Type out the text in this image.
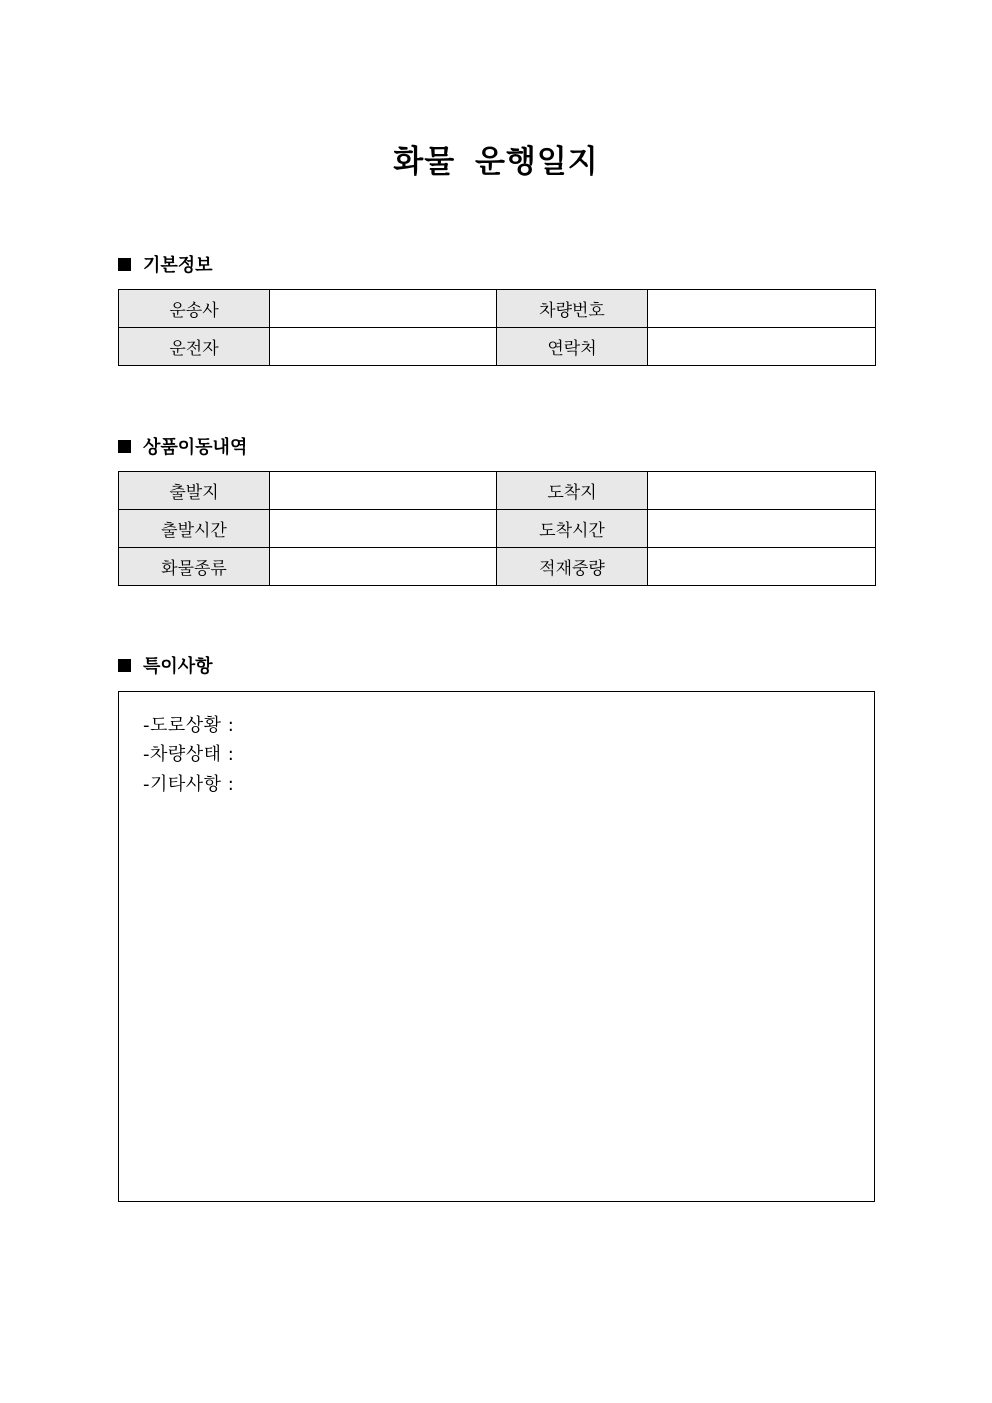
화물 운행일지
기본정보
운송사		차량번호	
운전자		연락처	
상품이동내역
출발지		도착지	
출발시간		도착시간	
화물종류		적재중량	
특이사항
-도로상황 :
-차량상태 :
-기타사항 :
